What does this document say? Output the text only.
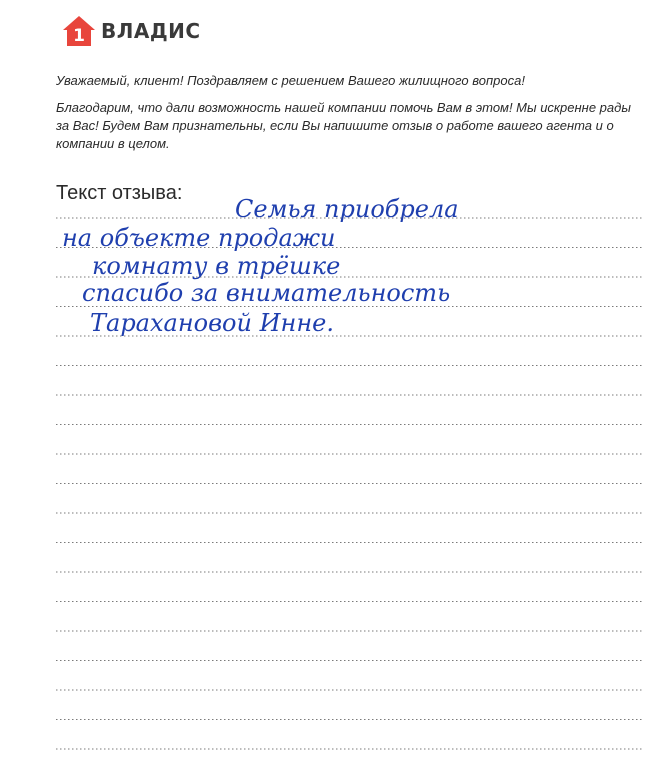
1 ВЛАДИС

Уважаемый, клиент! Поздравляем с решением Вашего жилищного вопроса!

Благодарим, что дали возможность нашей компании помочь Вам в этом! Мы искренне рады за Вас! Будем Вам признательны, если Вы напишите отзыв о работе вашего агента и о компании в целом.

Текст отзыва:
Семья приобрела
на объекте продажи
комнату в трёшке
спасибо за внимательность
Тарахановой Инне.
